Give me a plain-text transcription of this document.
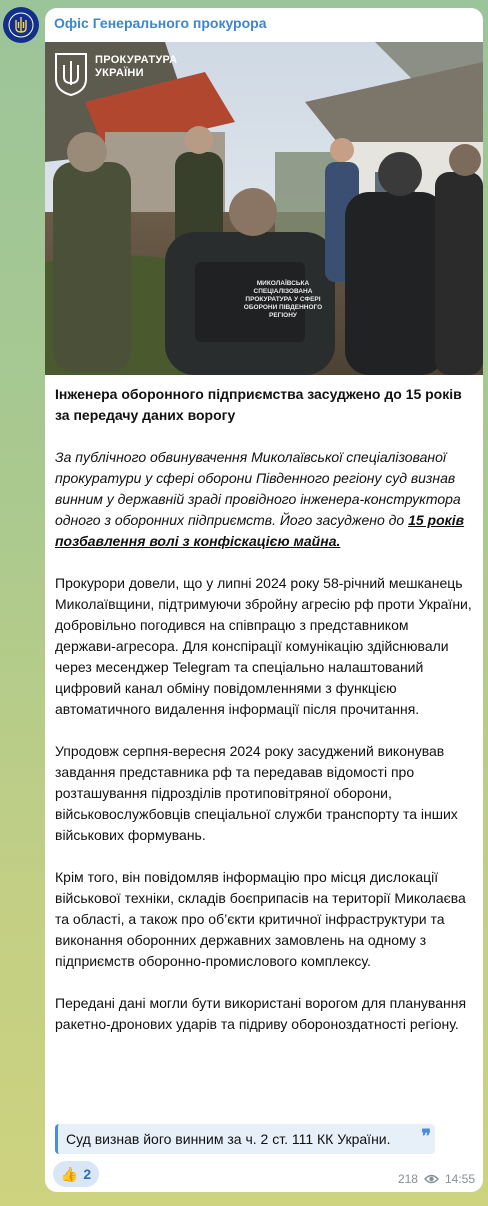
Офіс Генерального прокурора
ПРОКУРАТУРА
УКРАЇНИ
МИКОЛАЇВСЬКА СПЕЦІАЛІЗОВАНА ПРОКУРАТУРА У СФЕРІ ОБОРОНИ ПІВДЕННОГО РЕГІОНУ

Інженера оборонного підприємства засуджено до 15 років за передачу даних ворогу

За публічного обвинувачення Миколаївської спеціалізованої прокуратури у сфері оборони Південного регіону суд визнав винним у державній зраді провідного інженера-конструктора одного з оборонних підприємств. Його засуджено до 15 років позбавлення волі з конфіскацією майна.

Прокурори довели, що у липні 2024 року 58-річний мешканець Миколаївщини, підтримуючи збройну агресію рф проти України, добровільно погодився на співпрацю з представником держави-агресора. Для конспірації комунікацію здійснювали через месенджер Telegram та спеціально налаштований цифровий канал обміну повідомленнями з функцією автоматичного видалення інформації після прочитання.

Упродовж серпня-вересня 2024 року засуджений виконував завдання представника рф та передавав відомості про розташування підрозділів протиповітряної оборони, військовослужбовців спеціальної служби транспорту та інших військових формувань.

Крім того, він повідомляв інформацію про місця дислокації військової техніки, складів боєприпасів на території Миколаєва та області, а також про об’єкти критичної інфраструктури та виконання оборонних державних замовлень на одному з підприємств оборонно-промислового комплексу.

Передані дані могли бути використані ворогом для планування ракетно-дронових ударів та підриву обороноздатності регіону.

Суд визнав його винним за ч. 2 ст. 111 КК України. ❞
👍 2	218 14:55
